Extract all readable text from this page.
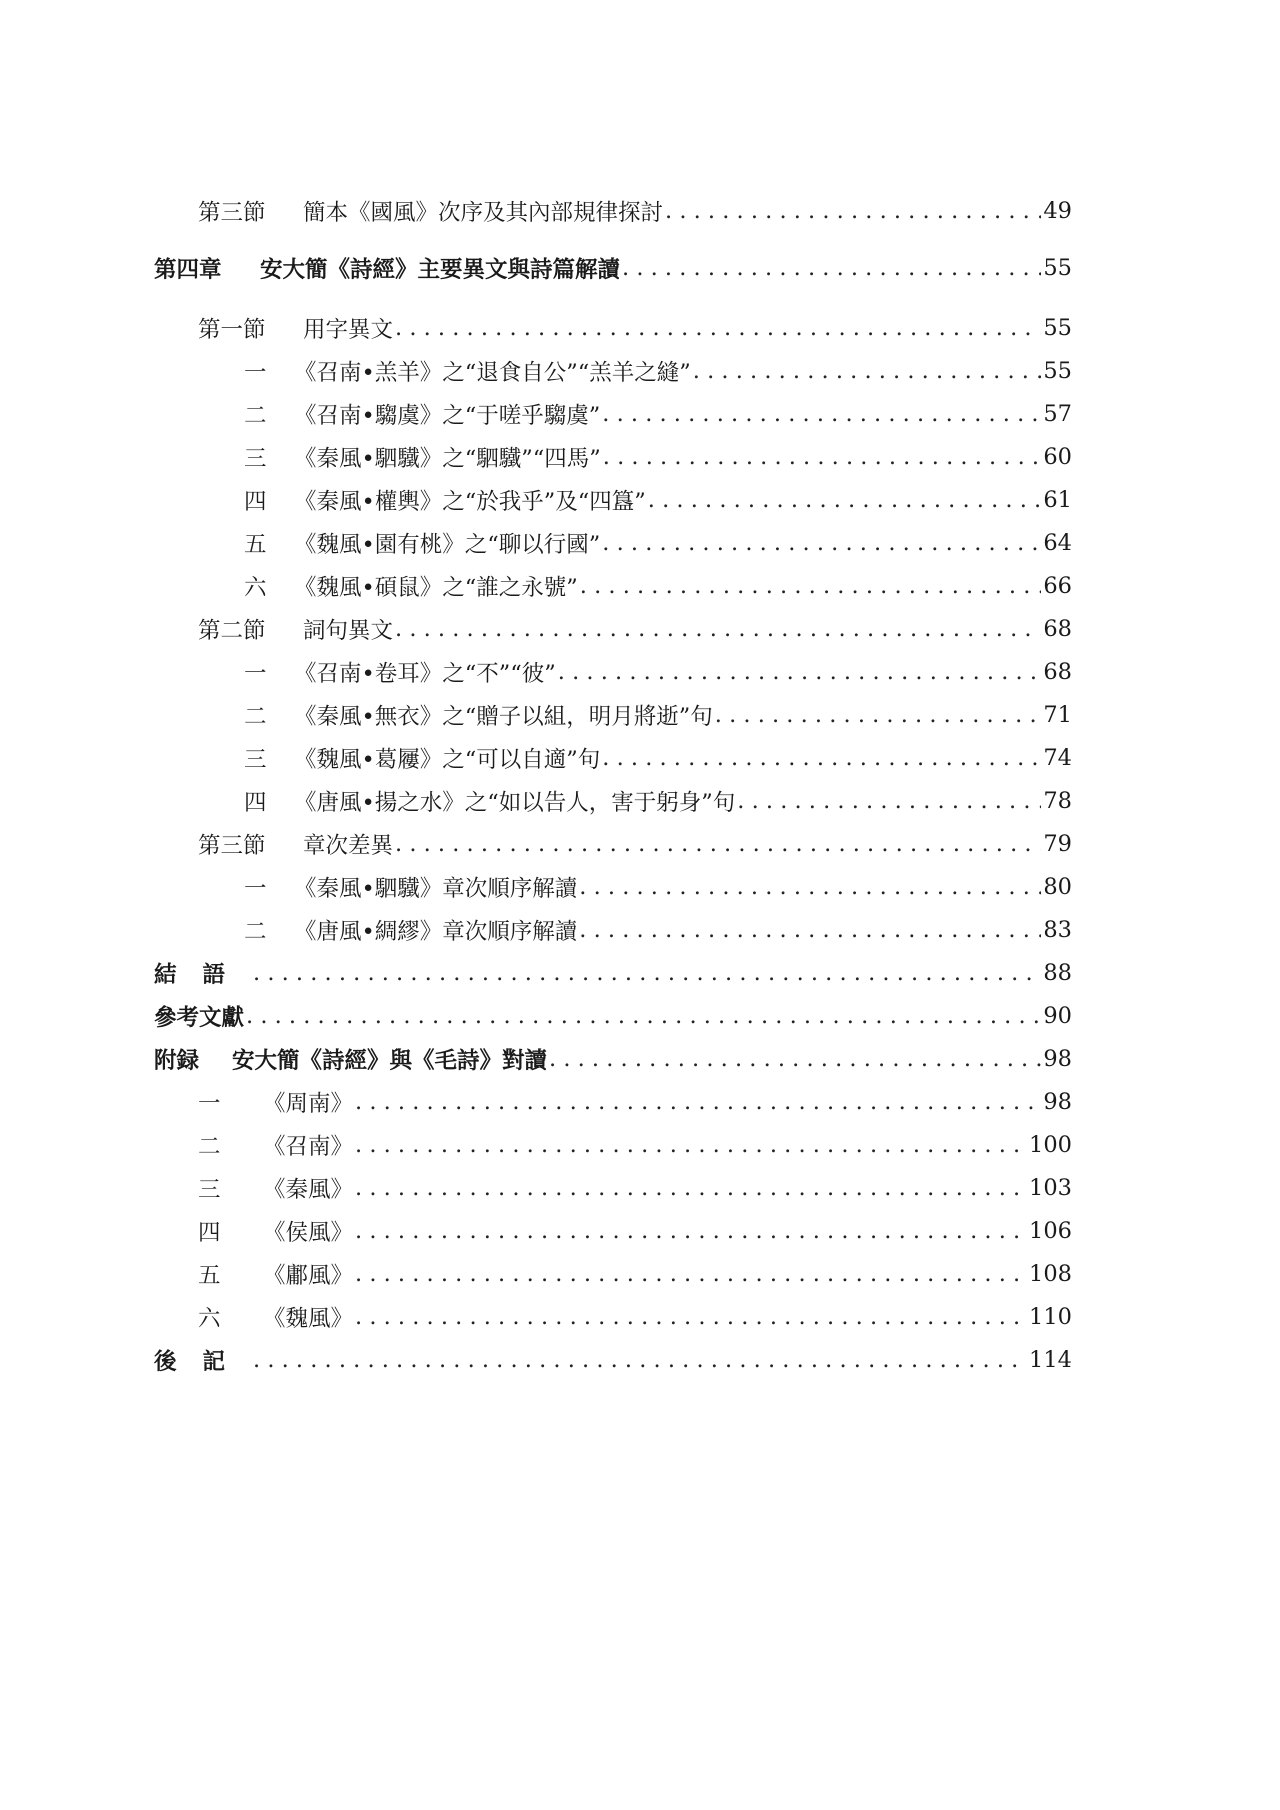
第三節	簡本《國風》次序及其內部規律探討 . . .	49
第四章	安大簡《詩經》主要異文與詩篇解讀 . . .	55
第一節	用字異文 . . .	55
一	《召南•羔羊》之“退食自公”“羔羊之縫” . . .	55
二	《召南•騶虞》之“于嗟乎騶虞” . . .	57
三	《秦風•駟驖》之“駟驖”“四馬” . . .	60
四	《秦風•權輿》之“於我乎”及“四簋” . . .	61
五	《魏風•園有桃》之“聊以行國” . . .	64
六	《魏風•碩鼠》之“誰之永號” . . .	66
第二節	詞句異文 . . .	68
一	《召南•卷耳》之“不”“彼” . . .	68
二	《秦風•無衣》之“贈子以組，明月將逝”句 . . .	71
三	《魏風•葛屨》之“可以自適”句 . . .	74
四	《唐風•揚之水》之“如以告人，害于躬身”句 . . .	78
第三節	章次差異 . . .	79
一	《秦風•駟驖》章次順序解讀 . . .	80
二	《唐風•綢繆》章次順序解讀 . . .	83
結語 . . .	88
參考文獻 . . .	90
附録	安大簡《詩經》與《毛詩》對讀 . . .	98
一	《周南》 . . .	98
二	《召南》 . . .	100
三	《秦風》 . . .	103
四	《侯風》 . . .	106
五	《鄘風》 . . .	108
六	《魏風》 . . .	110
後記 . . .	114
